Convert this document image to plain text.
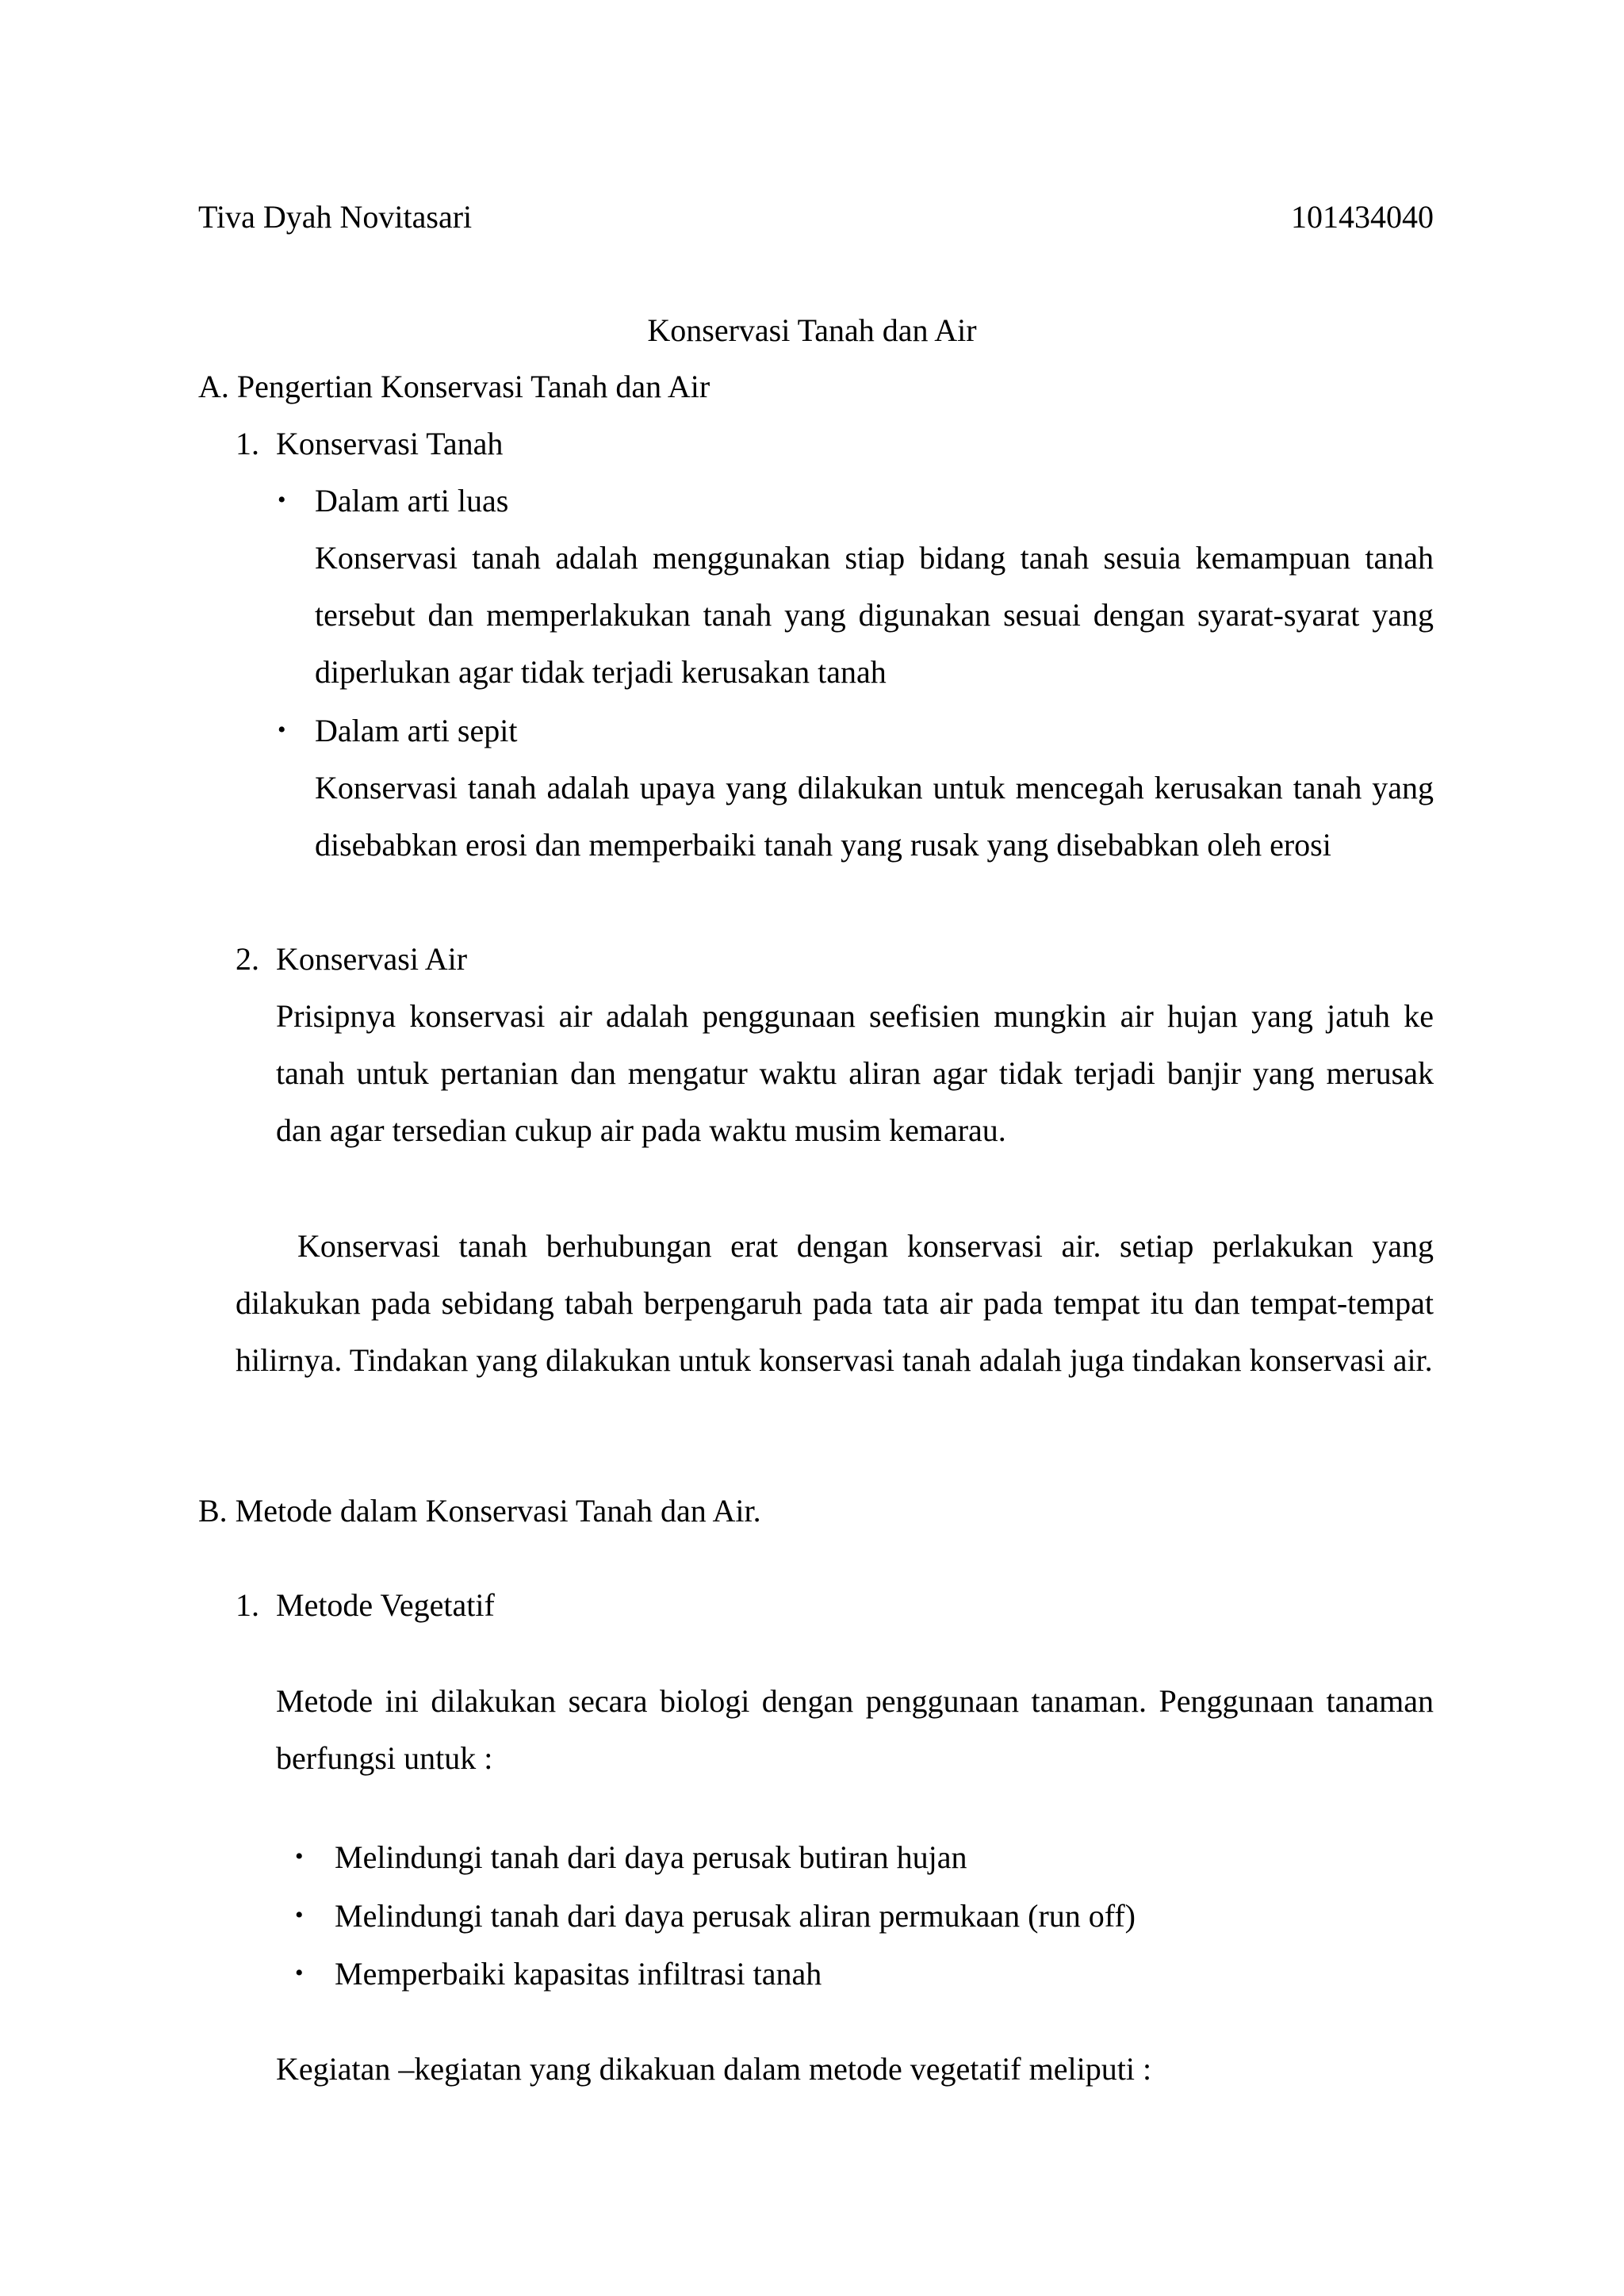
Tiva Dyah Novitasari	101434040
Konservasi Tanah dan Air
A. Pengertian Konservasi Tanah dan Air
1. Konservasi Tanah
• Dalam arti luas
Konservasi tanah adalah menggunakan stiap bidang tanah sesuia kemampuan tanah tersebut dan memperlakukan tanah yang digunakan sesuai dengan syarat-syarat yang diperlukan agar tidak terjadi kerusakan tanah
• Dalam arti sepit
Konservasi tanah adalah upaya yang dilakukan untuk mencegah kerusakan tanah yang disebabkan erosi dan memperbaiki tanah yang rusak yang disebabkan oleh erosi
2. Konservasi Air
Prisipnya konservasi air adalah penggunaan seefisien mungkin air hujan yang jatuh ke tanah untuk pertanian dan mengatur waktu aliran agar tidak terjadi banjir yang merusak dan agar tersedian cukup air pada waktu musim kemarau.
Konservasi tanah berhubungan erat dengan konservasi air. setiap perlakukan yang dilakukan pada sebidang tabah berpengaruh pada tata air pada tempat itu dan tempat-tempat hilirnya. Tindakan yang dilakukan untuk konservasi tanah adalah juga tindakan konservasi air.
B. Metode dalam Konservasi Tanah dan Air.
1. Metode Vegetatif
Metode ini dilakukan secara biologi dengan penggunaan tanaman. Penggunaan tanaman berfungsi untuk :
• Melindungi tanah dari daya perusak butiran hujan
• Melindungi tanah dari daya perusak aliran permukaan (run off)
• Memperbaiki kapasitas infiltrasi tanah
Kegiatan –kegiatan yang dikakuan dalam metode vegetatif meliputi :
